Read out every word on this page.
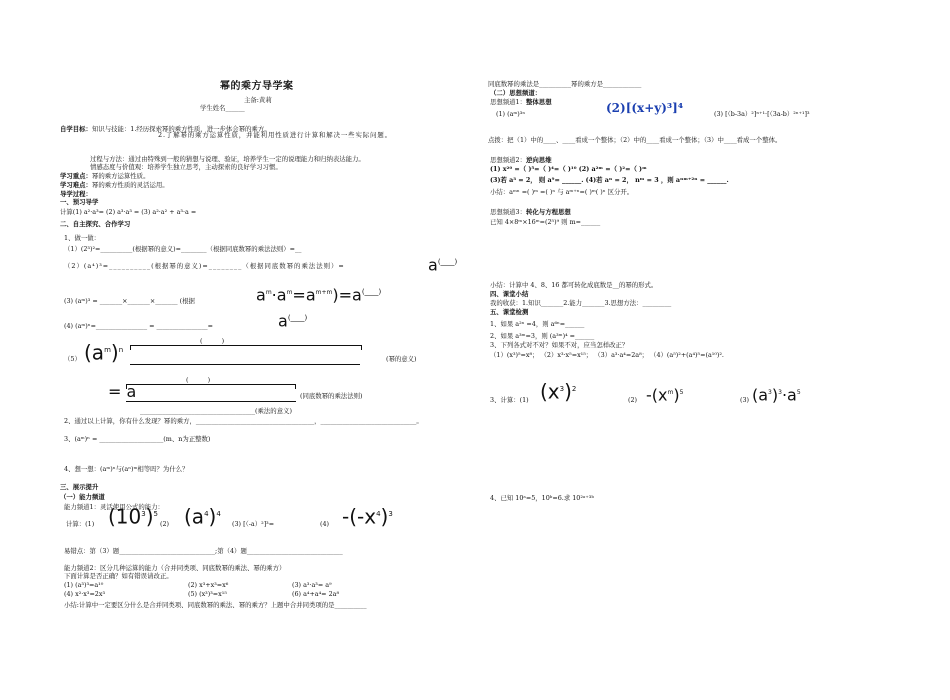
幂的乘方导学案
主备:黄莉
学生姓名______
自学目标：知识与技能：1.经历探索幂的乘方性质，进一步体会幂的乘方。
2.了解幂的乘方运算性质，并能利用性质进行计算和解决一些实际问题。
过程与方法：通过由特殊到一般的猜想与说理、验证，培养学生一定的说理能力和归纳表达能力。
情感态度与价值观：培养学生独立思考，主动探索的良好学习习惯。
学习重点：幂的乘方运算性质。
学习难点：幂的乘方性质的灵活运用。
导学过程：
一、预习导学
计算(1) a²·a³= (2) a³·a³ = (3) a²·a² + a³·a =
二、自主探究、合作学习
1、做一做：
（1）(2³)²=__________(根据幂的意义)=________（根据同底数幂的乘法法则）=__
（2）(a⁴)³=__________(根据幂的意义)=________（根据同底数幂的乘法法则）=	a(____)
(3) (aᵐ)³ = _______×_______×_______ (根据	$a^m\cdot a^m=a^{m+m})=a^{(\_\_\_\_)}$
(4) (aᵐ)ⁿ=________________ = ________________=	a(____)
（5） $(a^m)^n$
(　　　)
(幂的意义)
= a
(　　　)
(同底数幂的乘法法则)
2、通过以上计算，你有什么发现？幂的乘方，_____________________________________，______________________________。
____________________________________(乘法的意义)
3、(aᵐ)ⁿ = ____________________(m、n为正整数)
4、想一想：(aᵐ)ⁿ与(aⁿ)ᵐ相等吗？为什么？
三、展示提升
（一）能力频道
能力频道1：灵活使用公式的能力：
计算：(1) $(10^3)^5$
(2) $(a^4)^4$
(3) [（-a）²]³=	(4) $-(-x^4)^3$
易错点：第（3）题______________________________;第（4）题______________________________
能力频道2：区分几种运算的能力（合并同类项、同底数幂的乘法、幂的乘方）
下面计算是否正确？如有错误请改正。
(1) (a³)³=a¹⁰	(2) x³+x³=x⁶	(3) a³·a³= a⁹
(4) x²·x³=2x³	(5) (x³)³=x¹⁵	(6) a⁴+a⁴= 2a⁸
小结:计算中一定要区分什么是合并同类项、同底数幂的乘法、幂的乘方？上题中合并同类项的是__________
同底数幂的乘法是__________幂的乘方是____________
（二）思想频道：
思想频道1：整体思想
(1) (aᵐ)³ⁿ	(2)[(x+y)³]⁴	(3) [（b-3a）²]ⁿ⁺¹·[（3a-b）²ⁿ⁺¹]³
点拨：把（1）中的____、____看成一个整体；（2）中的____看成一个整体；（3）中____看成一个整体。
思想频道2：逆向思维
(1) x²⁰ =（ )⁵=（ )⁴=（ )¹⁰ (2) a²ᵐ =（ )²=（ )ᵐ
(3)若 a³ = 2， 则 a⁹= ______. (4)若 aⁿ = 2， nᵐ = 3 ，则 aⁿᵐ⁺²ⁿ = ______.
小结：aᵐⁿ =( )ᵐ =( )ⁿ 与 aᵐ⁺ⁿ=( )ᵐ( )ⁿ 区分开。
思想频道3：转化与方程思想
已知 4×8ᵐ×16ᵐ=(2⁵)⁹ 则 m=______
小结：计算中 4、8、16 都可转化成底数是__的幂的形式。
四、课堂小结
我的收获：1.知识_______2.能力_______3.思想方法：_________
五、课堂检测
1、如果 a²ⁿ =4，则 a⁶ⁿ=______
2、如果 a³ᵐ=3，则 (a³ᵐ)⁴ =______
3、下列各式对不对？如果不对，应当怎样改正？
（1）(x³)⁵=x⁸； （2）x³·x⁵=x¹⁵； （3）a³·a⁴=2a⁸； （4）(a⁵)²+(a⁴)⁵=(a¹⁰)².
3、计算：(1) $(x^3)^2$
(2) $-(x^m)^5$
(3) $(a^3)^3\cdot a^5$
4、已知 10ᵃ=5，10ᵇ=6.求 10²ᵃ⁺³ᵇ
